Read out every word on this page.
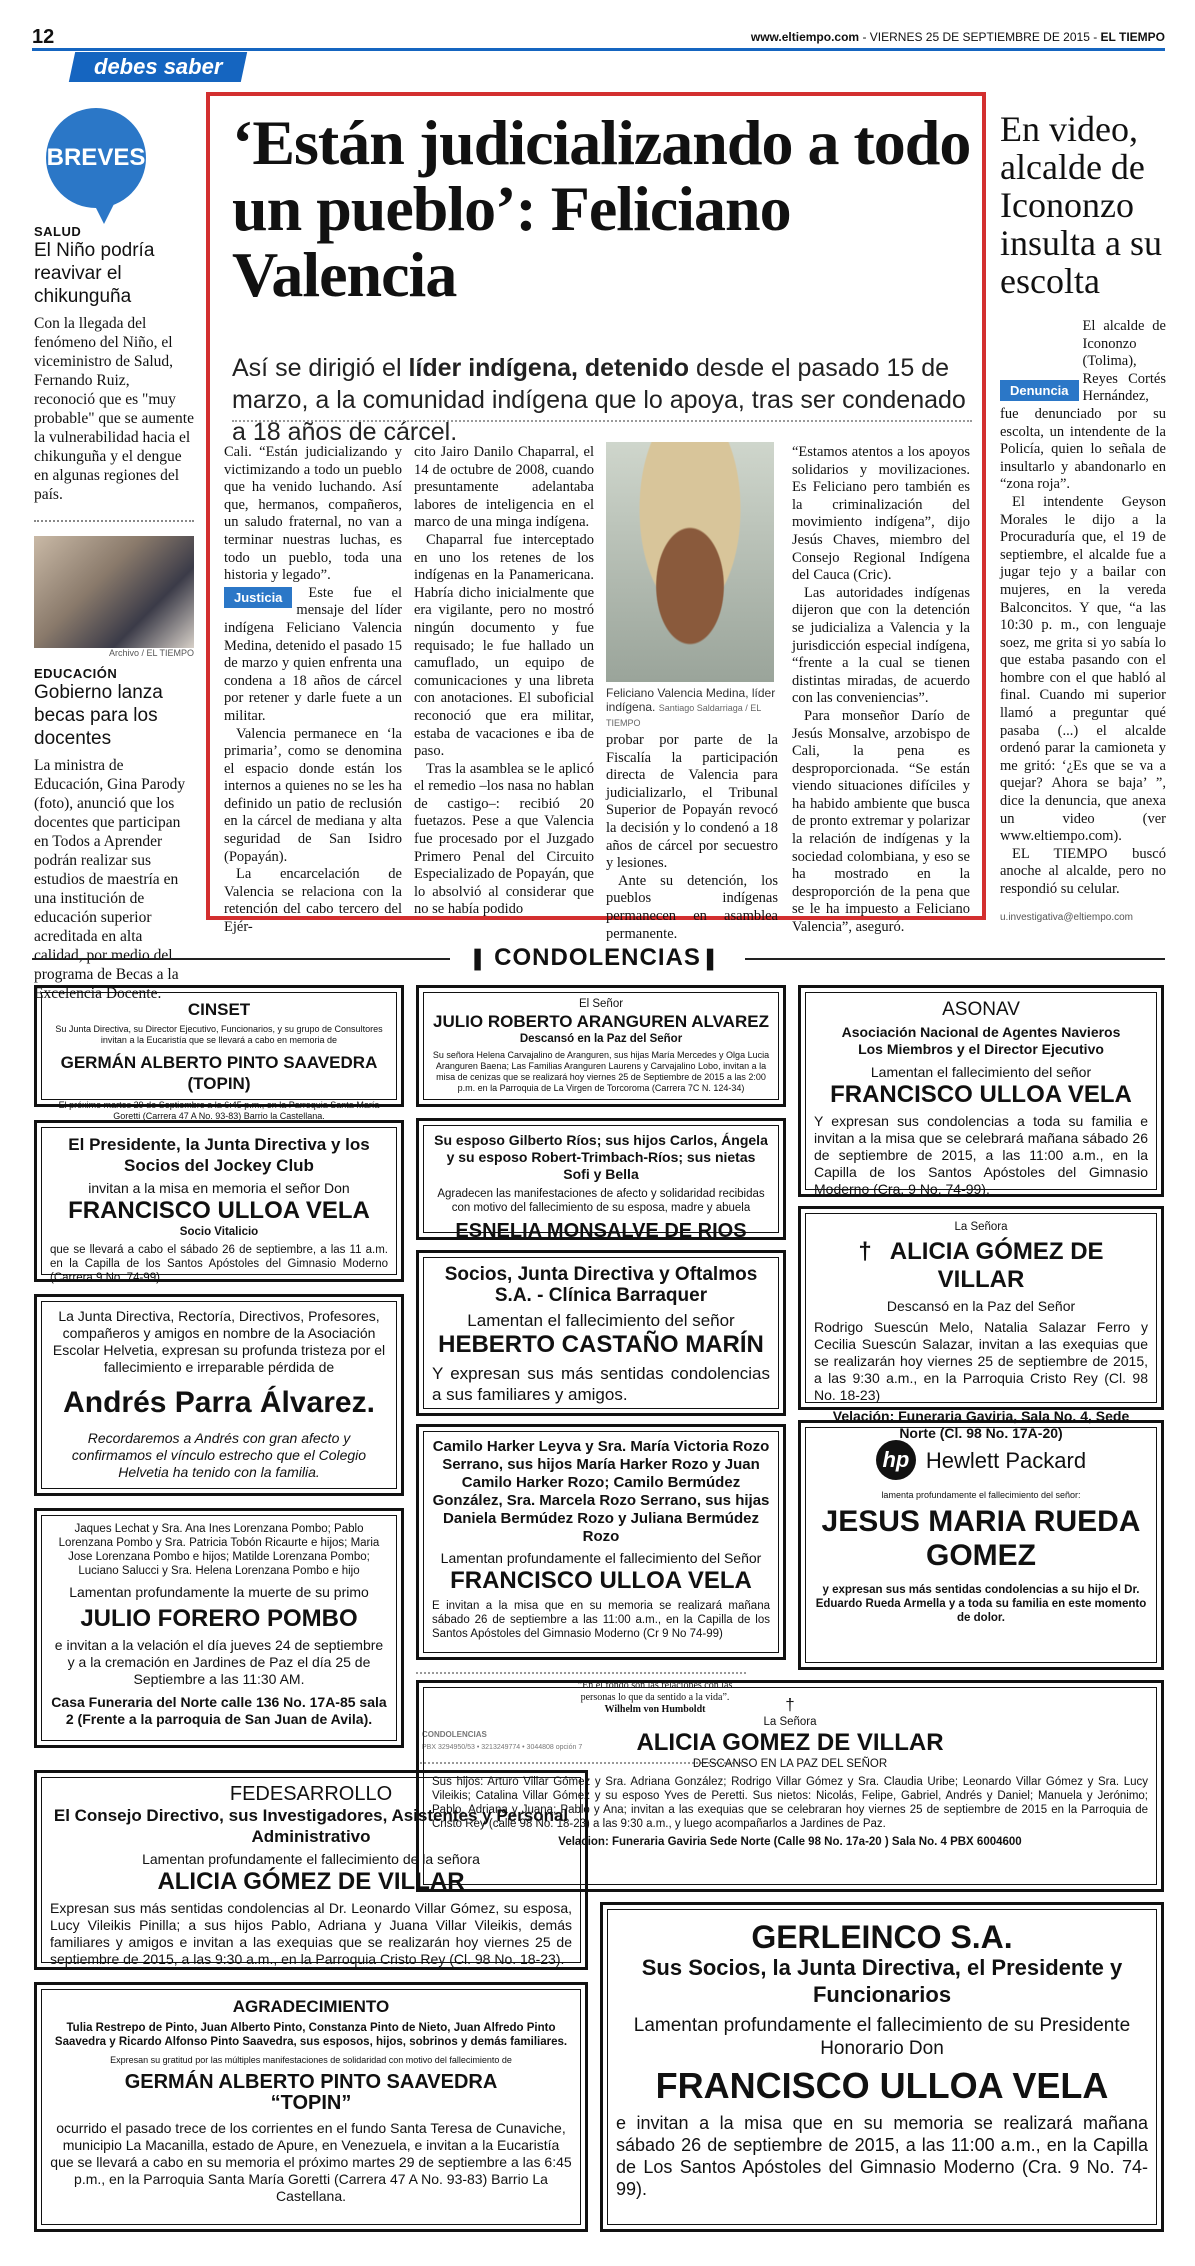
12	www.eltiempo.com - VIERNES 25 DE SEPTIEMBRE DE 2015 - EL TIEMPO
debes saber
BREVES
SALUD
El Niño podría reavivar el chikunguña
Con la llegada del fenómeno del Niño, el viceministro de Salud, Fernando Ruiz, reconoció que es "muy probable" que se aumente la vulnerabilidad hacia el chikunguña y el dengue en algunas regiones del país.
Archivo / EL TIEMPO
EDUCACIÓN
Gobierno lanza becas para los docentes
La ministra de Educación, Gina Parody (foto), anunció que los docentes que participan en Todos a Aprender podrán realizar sus estudios de maestría en una institución de educación superior acreditada en alta calidad, por medio del programa de Becas a la Excelencia Docente.
‘Están judicializando a todo un pueblo’: Feliciano Valencia
Así se dirigió el líder indígena, detenido desde el pasado 15 de marzo, a la comunidad indígena que lo apoya, tras ser condenado a 18 años de cárcel.

Cali. “Están judicializando y victimizando a todo un pueblo que ha venido luchando. Así que, hermanos, compañeros, un saludo fraternal, no van a terminar nuestras luchas, es todo un pueblo, toda una historia y legado”.

Justicia	Este fue el mensaje del líder indígena Feliciano Valencia Medina, detenido el pasado 15 de marzo y quien enfrenta una condena a 18 años de cárcel por retener y darle fuete a un militar.

Valencia permanece en ‘la primaria’, como se denomina el espacio donde están los internos a quienes no se les ha definido un patio de reclusión en la cárcel de mediana y alta seguridad de San Isidro (Popayán).

La encarcelación de Valencia se relaciona con la retención del cabo tercero del Ejér-

cito Jairo Danilo Chaparral, el 14 de octubre de 2008, cuando presuntamente adelantaba labores de inteligencia en el marco de una minga indígena.

Chaparral fue interceptado en uno los retenes de los indígenas en la Panamericana. Habría dicho inicialmente que era vigilante, pero no mostró ningún documento y fue requisado; le fue hallado un camuflado, un equipo de comunicaciones y una libreta con anotaciones. El suboficial reconoció que era militar, estaba de vacaciones e iba de paso.

Tras la asamblea se le aplicó el remedio –los nasa no hablan de castigo–: recibió 20 fuetazos. Pese a que Valencia fue procesado por el Juzgado Primero Penal del Circuito Especializado de Popayán, que lo absolvió al considerar que no se había podido

Feliciano Valencia Medina, líder indígena. Santiago Saldarriaga / EL TIEMPO

probar por parte de la Fiscalía la participación directa de Valencia para judicializarlo, el Tribunal Superior de Popayán revocó la decisión y lo condenó a 18 años de cárcel por secuestro y lesiones.

Ante su detención, los pueblos indígenas permanecen en asamblea permanente.

“Estamos atentos a los apoyos solidarios y movilizaciones. Es Feliciano pero también es la criminalización del movimiento indígena”, dijo Jesús Chaves, miembro del Consejo Regional Indígena del Cauca (Cric).

Las autoridades indígenas dijeron que con la detención se judicializa a Valencia y la jurisdicción especial indígena, “frente a la cual se tienen distintas miradas, de acuerdo con las conveniencias”.

Para monseñor Darío de Jesús Monsalve, arzobispo de Cali, la pena es desproporcionada. “Se están viendo situaciones difíciles y ha habido ambiente que busca de pronto extremar y polarizar la relación de indígenas y la sociedad colombiana, y eso se ha mostrado en la desproporción de la pena que se le ha impuesto a Feliciano Valencia”, aseguró.

En video, alcalde de Icononzo insulta a su escolta

Denuncia
El alcalde de Icononzo (Tolima), Reyes Cortés Hernández, fue denunciado por su escolta, un intendente de la Policía, quien lo señala de insultarlo y abandonarlo en “zona roja”.

El intendente Geyson Morales le dijo a la Procuraduría que, el 19 de septiembre, el alcalde fue a jugar tejo y a bailar con mujeres, en la vereda Balconcitos. Y que, “a las 10:30 p. m., con lenguaje soez, me grita si yo sabía lo que estaba pasando con el hombre con el que habló al final. Cuando mi superior llamó a preguntar qué pasaba (...) el alcalde ordenó parar la camioneta y me gritó: ‘¿Es que se va a quejar? Ahora se baja’ ”, dice la denuncia, que anexa un video (ver www.eltiempo.com).

EL TIEMPO buscó anoche al alcalde, pero no respondió su celular.

u.investigativa@eltiempo.com
▌ CONDOLENCIAS ▌
CINSET
Su Junta Directiva, su Director Ejecutivo, Funcionarios, y su grupo de Consultores invitan a la Eucaristía que se llevará a cabo en memoria de
GERMÁN ALBERTO PINTO SAAVEDRA (TOPIN)
El próximo martes 29 de Septiembre a la 6:45 p.m., en la Parroquia Santa María Goretti (Carrera 47 A No. 93-83) Barrio la Castellana.
El Presidente, la Junta Directiva y los Socios del Jockey Club
invitan a la misa en memoria el señor Don
FRANCISCO ULLOA VELA
Socio Vitalicio
que se llevará a cabo el sábado 26 de septiembre, a las 11 a.m. en la Capilla de los Santos Apóstoles del Gimnasio Moderno (Carrera 9 No. 74-99)
La Junta Directiva, Rectoría, Directivos, Profesores, compañeros y amigos en nombre de la Asociación Escolar Helvetia, expresan su profunda tristeza por el fallecimiento e irreparable pérdida de
Andrés Parra Álvarez.
Recordaremos a Andrés con gran afecto y confirmamos el vínculo estrecho que el Colegio Helvetia ha tenido con la familia.
Jaques Lechat y Sra. Ana Ines Lorenzana Pombo; Pablo Lorenzana Pombo y Sra. Patricia Tobón Ricaurte e hijos; Maria Jose Lorenzana Pombo e hijos; Matilde Lorenzana Pombo; Luciano Salucci y Sra. Helena Lorenzana Pombo e hijo
Lamentan profundamente la muerte de su primo
JULIO FORERO POMBO
e invitan a la velación el día jueves 24 de septiembre y a la cremación en Jardines de Paz el día 25 de Septiembre a las 11:30 AM.
Casa Funeraria del Norte calle 136 No. 17A-85 sala 2 (Frente a la parroquia de San Juan de Avila).
FEDESARROLLO
El Consejo Directivo, sus Investigadores, Asistentes y Personal Administrativo
Lamentan profundamente el fallecimiento de la señora
ALICIA GÓMEZ DE VILLAR
Expresan sus más sentidas condolencias al Dr. Leonardo Villar Gómez, su esposa, Lucy Vileikis Pinilla; a sus hijos Pablo, Adriana y Juana Villar Vileikis, demás familiares y amigos e invitan a las exequias que se realizarán hoy viernes 25 de septiembre de 2015, a las 9:30 a.m., en la Parroquia Cristo Rey (Cl. 98 No. 18-23).
AGRADECIMIENTO
Tulia Restrepo de Pinto, Juan Alberto Pinto, Constanza Pinto de Nieto, Juan Alfredo Pinto Saavedra y Ricardo Alfonso Pinto Saavedra, sus esposos, hijos, sobrinos y demás familiares.
Expresan su gratitud por las múltiples manifestaciones de solidaridad con motivo del fallecimiento de
GERMÁN ALBERTO PINTO SAAVEDRA
“TOPIN”
ocurrido el pasado trece de los corrientes en el fundo Santa Teresa de Cunaviche, municipio La Macanilla, estado de Apure, en Venezuela, e invitan a la Eucaristía que se llevará a cabo en su memoria el próximo martes 29 de septiembre a las 6:45 p.m., en la Parroquia Santa María Goretti (Carrera 47 A No. 93-83) Barrio La Castellana.
El Señor
JULIO ROBERTO ARANGUREN ALVAREZ
Descansó en la Paz del Señor
Su señora Helena Carvajalino de Aranguren, sus hijas María Mercedes y Olga Lucia Aranguren Baena; Las Familias Aranguren Laurens y Carvajalino Lobo, invitan a la misa de cenizas que se realizará hoy viernes 25 de Septiembre de 2015 a las 2:00 p.m. en la Parroquia de La Virgen de Torcoroma (Carrera 7C N. 124-34)
Su esposo Gilberto Ríos; sus hijos Carlos, Ángela y su esposo Robert-Trimbach-Ríos; sus nietas Sofi y Bella
Agradecen las manifestaciones de afecto y solidaridad recibidas con motivo del fallecimiento de su esposa, madre y abuela
ESNELIA MONSALVE DE RIOS
Socios, Junta Directiva y Oftalmos S.A. - Clínica Barraquer
Lamentan el fallecimiento del señor
HEBERTO CASTAÑO MARÍN
Y expresan sus más sentidas condolencias a sus familiares y amigos.
Camilo Harker Leyva y Sra. María Victoria Rozo Serrano, sus hijos María Harker Rozo y Juan Camilo Harker Rozo; Camilo Bermúdez González, Sra. Marcela Rozo Serrano, sus hijas Daniela Bermúdez Rozo y Juliana Bermúdez Rozo
Lamentan profundamente el fallecimiento del Señor
FRANCISCO ULLOA VELA
E invitan a la misa que en su memoria se realizará mañana sábado 26 de septiembre a las 11:00 a.m., en la Capilla de los Santos Apóstoles del Gimnasio Moderno (Cr 9 No 74-99)
“En el fondo son las relaciones con las personas lo que da sentido a la vida”.
Wilhelm von Humboldt
CONDOLENCIAS
PBX 3294950/53 • 3213249774 • 3044808 opción 7
ASONAV
Asociación Nacional de Agentes Navieros
Los Miembros y el Director Ejecutivo
Lamentan el fallecimiento del señor
FRANCISCO ULLOA VELA
Y expresan sus condolencias a toda su familia e invitan a la misa que se celebrará mañana sábado 26 de septiembre de 2015, a las 11:00 a.m., en la Capilla de los Santos Apóstoles del Gimnasio Moderno (Cra. 9 No. 74-99).
La Señora
† ALICIA GÓMEZ DE VILLAR
Descansó en la Paz del Señor
Rodrigo Suescún Melo, Natalia Salazar Ferro y Cecilia Suescún Salazar, invitan a las exequias que se realizarán hoy viernes 25 de septiembre de 2015, a las 9:30 a.m., en la Parroquia Cristo Rey (Cl. 98 No. 18-23)
Velación: Funeraria Gaviria, Sala No. 4, Sede Norte (Cl. 98 No. 17A-20)
hp Hewlett Packard
lamenta profundamente el fallecimiento del señor:
JESUS MARIA RUEDA GOMEZ
y expresan sus más sentidas condolencias a su hijo el Dr. Eduardo Rueda Armella y a toda su familia en este momento de dolor.
†
La Señora
ALICIA GOMEZ DE VILLAR
DESCANSO EN LA PAZ DEL SEÑOR
Sus hijos: Arturo Villar Gómez y Sra. Adriana González; Rodrigo Villar Gómez y Sra. Claudia Uribe; Leonardo Villar Gómez y Sra. Lucy Vileikis; Catalina Villar Gómez y su esposo Yves de Peretti. Sus nietos: Nicolás, Felipe, Gabriel, Andrés y Daniel; Manuela y Jerónimo; Pablo, Adriana y Juana; Pablo y Ana; invitan a las exequias que se celebraran hoy viernes 25 de septiembre de 2015 en la Parroquia de Cristo Rey (calle 98 No. 18-23) a las 9:30 a.m., y luego acompañarlos a Jardines de Paz.
Velacion: Funeraria Gaviria Sede Norte (Calle 98 No. 17a-20 ) Sala No. 4 PBX 6004600
GERLEINCO S.A.
Sus Socios, la Junta Directiva, el Presidente y Funcionarios
Lamentan profundamente el fallecimiento de su Presidente Honorario Don
FRANCISCO ULLOA VELA
e invitan a la misa que en su memoria se realizará mañana sábado 26 de septiembre de 2015, a las 11:00 a.m., en la Capilla de Los Santos Apóstoles del Gimnasio Moderno (Cra. 9 No. 74-99).
